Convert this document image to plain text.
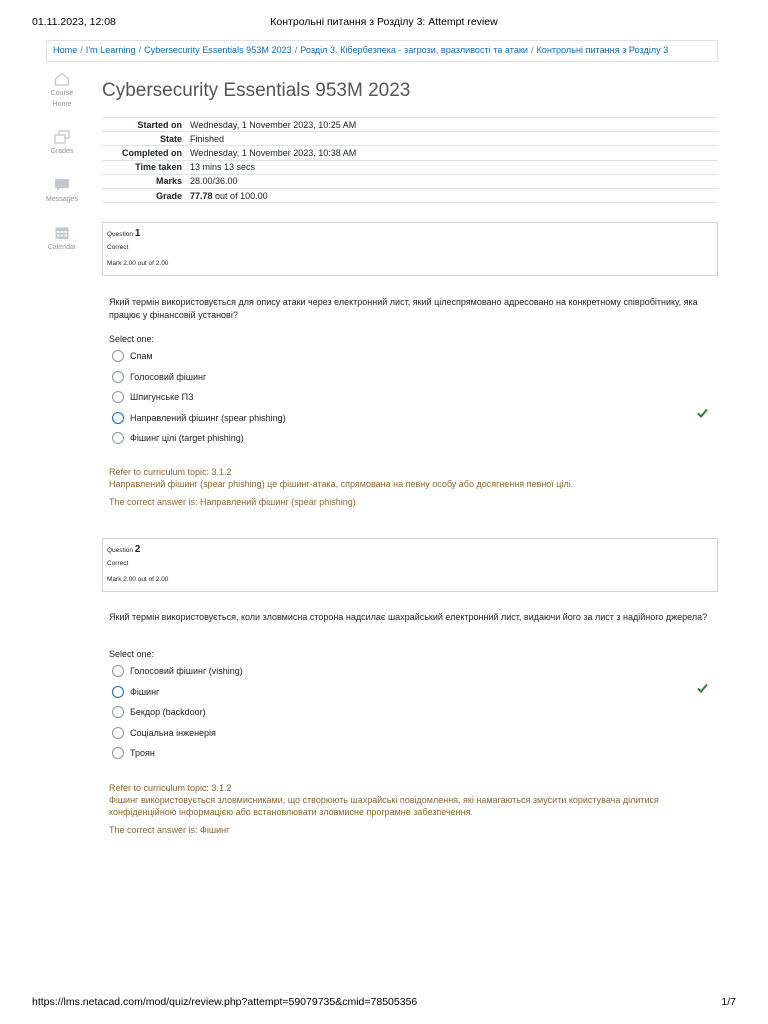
01.11.2023, 12:08	Контрольні питання з Розділу 3: Attempt review
Home / I'm Learning / Cybersecurity Essentials 953M 2023 / Розділ 3. Кібербезпека - загрози, вразливості та атаки / Контрольні питання з Розділу 3
Course Home
Grades
Messages
Calendar
Cybersecurity Essentials 953M 2023
Started on	Wednesday, 1 November 2023, 10:25 AM
State	Finished
Completed on	Wednesday, 1 November 2023, 10:38 AM
Time taken	13 mins 13 secs
Marks	28.00/36.00
Grade	77.78 out of 100.00
Question 1
Correct
Mark 2.00 out of 2.00
Який термін використовується для опису атаки через електронний лист, який цілеспрямовано адресовано на конкретному співробітнику, яка працює у фінансовій установі?
Select one:
Спам
Голосовий фішинг
Шпигунське ПЗ
Направлений фішинг (spear phishing)
Фішинг цілі (target phishing)
Refer to curriculum topic: 3.1.2
Направлений фішинг (spear phishing) це фішинг-атака, спрямована на певну особу або досягнення певної цілі.
The correct answer is: Направлений фішинг (spear phishing)
Question 2
Correct
Mark 2.00 out of 2.00
Який термін використовується, коли зловмисна сторона надсилає шахрайський електронний лист, видаючи його за лист з надійного джерела?
Select one:
Голосовий фішинг (vishing)
Фішинг
Бекдор (backdoor)
Соціальна інженерія
Троян
Refer to curriculum topic: 3.1.2
Фішинг використовується зловмисниками, що створюють шахрайські повідомлення, які намагаються змусити користувача ділитися конфіденційною інформацією або встановлювати зловмисне програмне забезпечення.
The correct answer is: Фішинг
https://lms.netacad.com/mod/quiz/review.php?attempt=59079735&cmid=78505356	1/7
